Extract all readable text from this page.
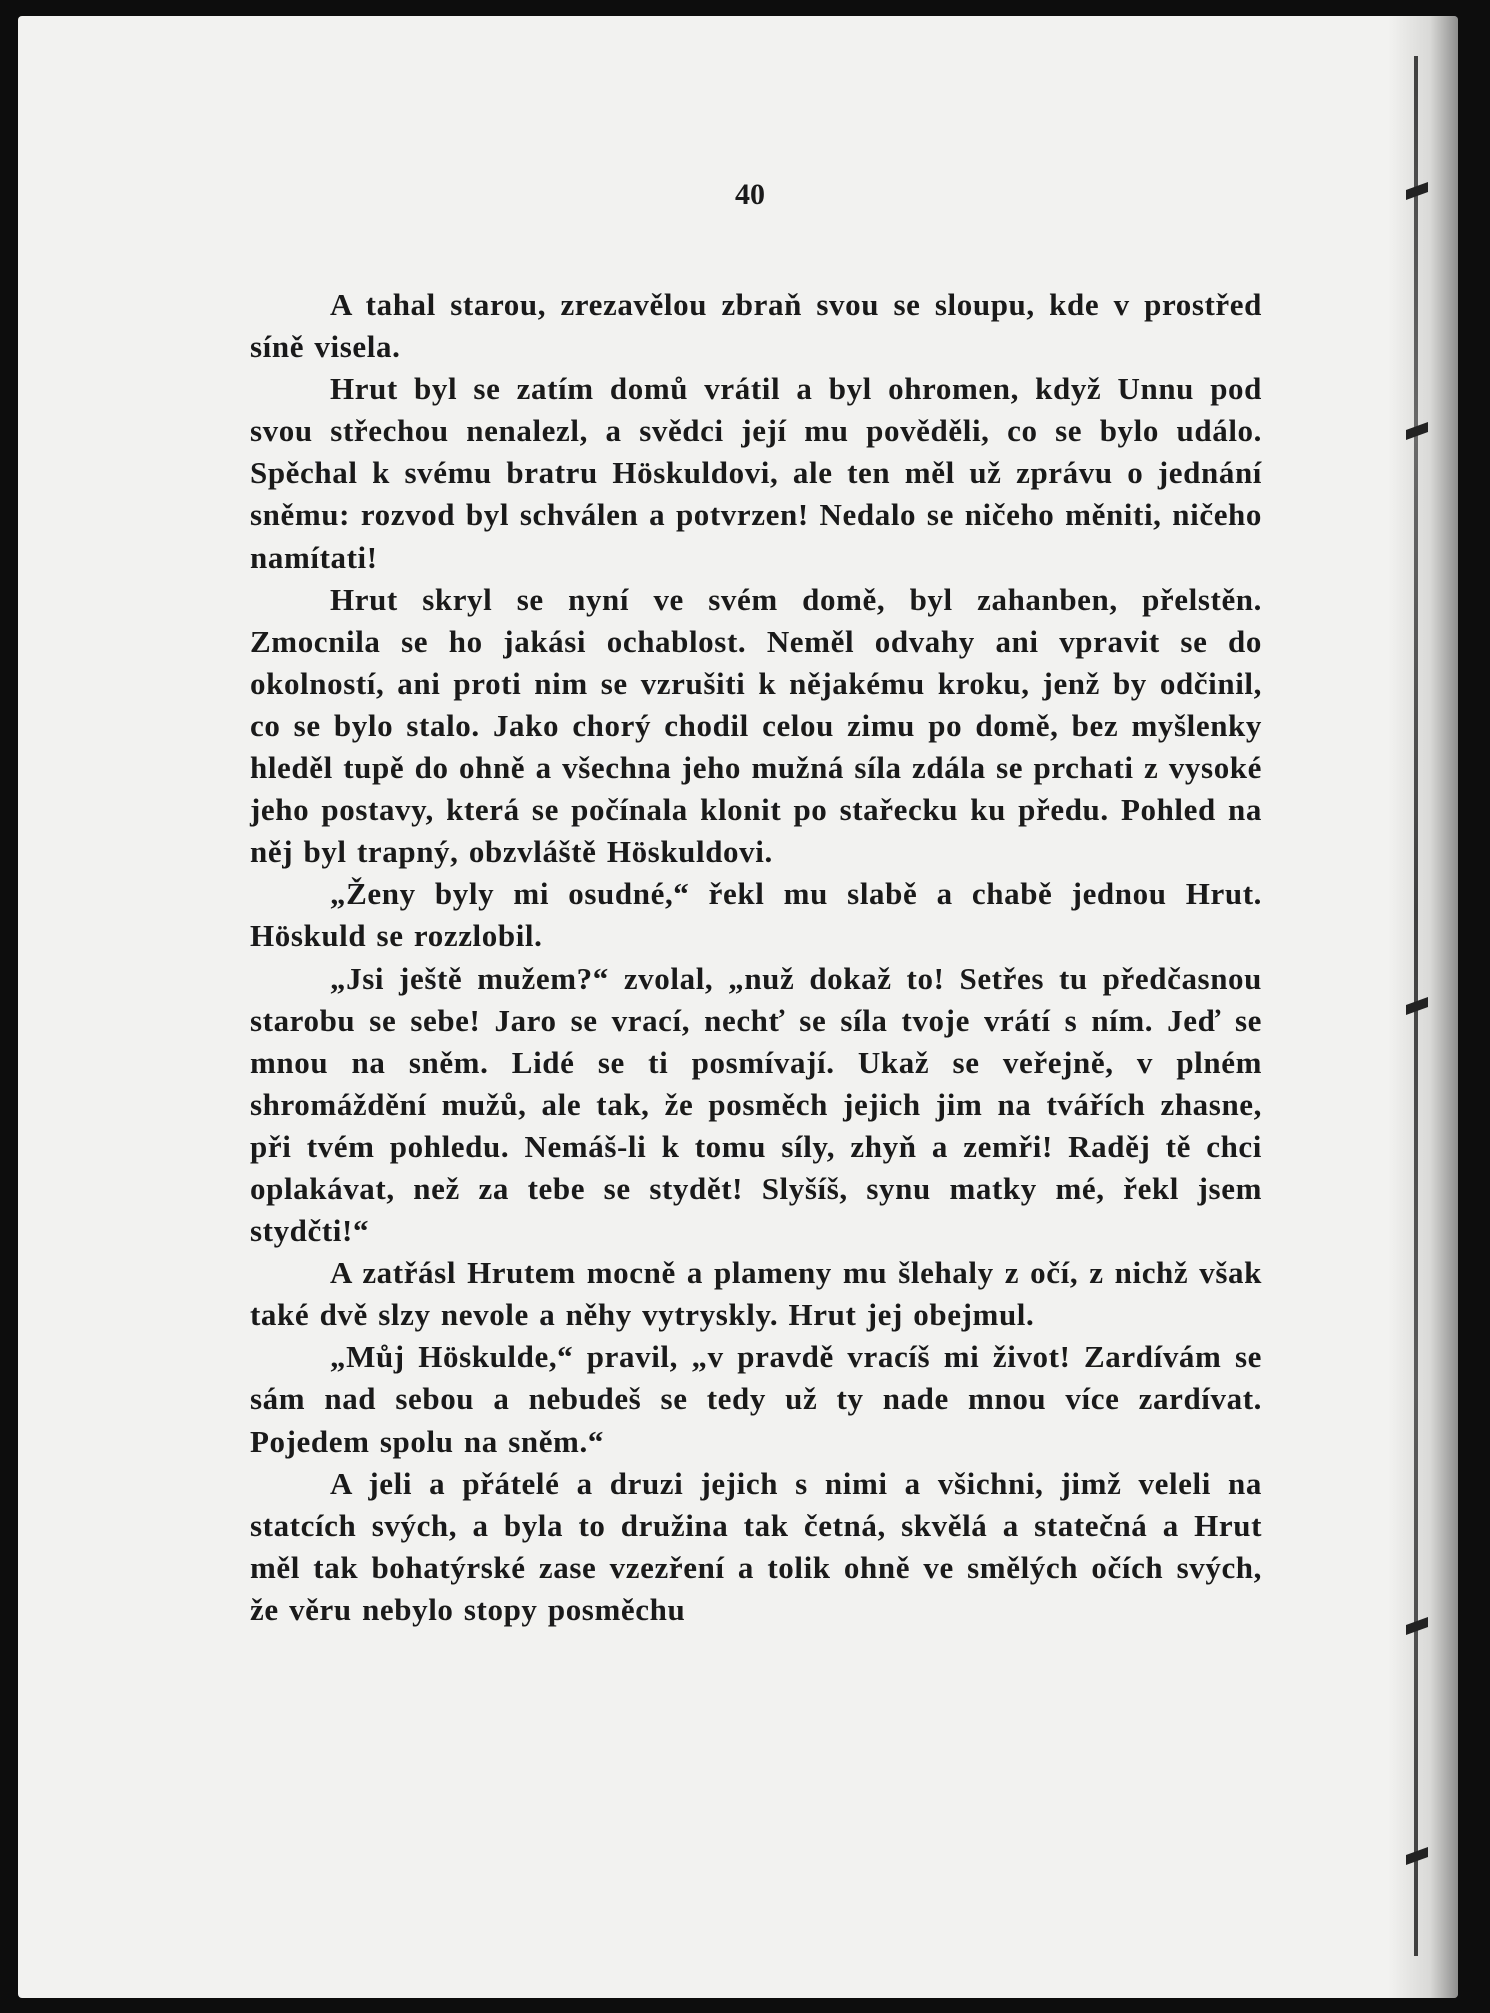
40

A tahal starou, zrezavělou zbraň svou se sloupu, kde v prostřed síně visela.

Hrut byl se zatím domů vrátil a byl ohromen, když Unnu pod svou střechou nenalezl, a svědci její mu pověděli, co se bylo událo. Spěchal k svému bratru Höskuldovi, ale ten měl už zprávu o jednání sněmu: rozvod byl schválen a potvrzen! Nedalo se ničeho měniti, ničeho namítati!

Hrut skryl se nyní ve svém domě, byl zahanben, přelstěn. Zmocnila se ho jakási ochablost. Neměl odvahy ani vpravit se do okolností, ani proti nim se vzrušiti k nějakému kroku, jenž by odčinil, co se bylo stalo. Jako chorý chodil celou zimu po domě, bez myšlenky hleděl tupě do ohně a všechna jeho mužná síla zdála se prchati z vysoké jeho postavy, která se počínala klonit po stařecku ku předu. Pohled na něj byl trapný, obzvláště Höskuldovi.

„Ženy byly mi osudné,“ řekl mu slabě a chabě jednou Hrut. Höskuld se rozzlobil.

„Jsi ještě mužem?“ zvolal, „nuž dokaž to! Setřes tu předčasnou starobu se sebe! Jaro se vrací, nechť se síla tvoje vrátí s ním. Jeď se mnou na sněm. Lidé se ti posmívají. Ukaž se veřejně, v plném shromáždění mužů, ale tak, že posměch jejich jim na tvářích zhasne, při tvém pohledu. Nemáš-li k tomu síly, zhyň a zemři! Raděj tě chci oplakávat, než za tebe se stydět! Slyšíš, synu matky mé, řekl jsem stydčti!“

A zatřásl Hrutem mocně a plameny mu šlehaly z očí, z nichž však také dvě slzy nevole a něhy vytryskly. Hrut jej obejmul.

„Můj Höskulde,“ pravil, „v pravdě vracíš mi život! Zardívám se sám nad sebou a nebudeš se tedy už ty nade mnou více zardívat. Pojedem spolu na sněm.“

A jeli a přátelé a druzi jejich s nimi a všichni, jimž veleli na statcích svých, a byla to družina tak četná, skvělá a statečná a Hrut měl tak bohatýrské zase vzezření a tolik ohně ve smělých očích svých, že věru nebylo stopy posměchu
